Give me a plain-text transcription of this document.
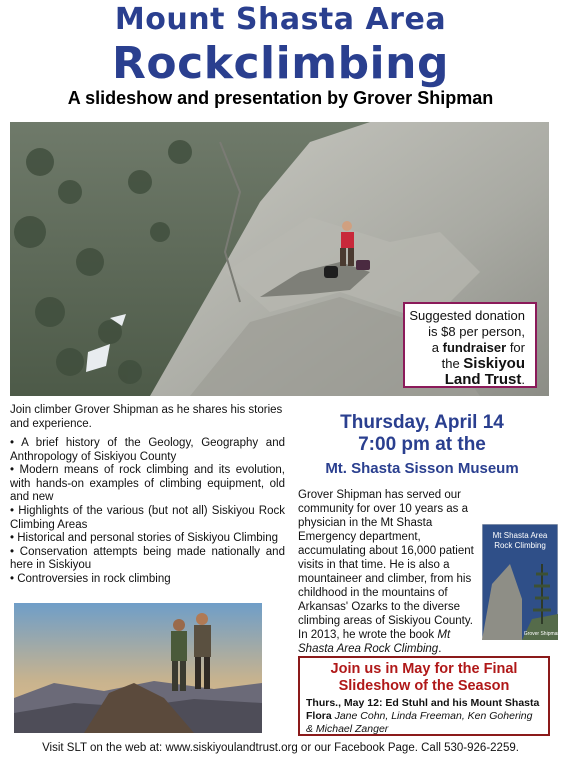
Mount Shasta Area
Rockclimbing
A slideshow and presentation by Grover Shipman
Suggested donation
is $8 per person,
a fundraiser for
the Siskiyou
Land Trust.
Join climber Grover Shipman as he shares his stories and experience.
• A brief history of the Geology, Geography and Anthropology of Siskiyou County
• Modern means of rock climbing and its evolution, with hands-on examples of climbing equipment, old and new
• Highlights of the various (but not all) Siskiyou Rock Climbing Areas
• Historical and personal stories of Siskiyou Climbing
• Conservation attempts being made nationally and here in Siskiyou
• Controversies in rock climbing
Thursday, April 14
7:00 pm at the
Mt. Shasta Sisson Museum
Grover Shipman has served our community for over 10 years as a physician in the Mt Shasta Emergency department, accumulating about 16,000 patient visits in that time. He is also a mountaineer and climber, from his childhood in the mountains of Arkansas' Ozarks to the diverse climbing areas of Siskiyou County. In 2013, he wrote the book Mt Shasta Area Rock Climbing.
Mt Shasta Area
Rock Climbing
Grover Shipman
Join us in May for the Final
Slideshow of the Season
Thurs., May 12: Ed Stuhl and his Mount Shasta Flora Jane Cohn, Linda Freeman, Ken Gohering & Michael Zanger
Visit SLT on the web at: www.siskiyoulandtrust.org or our Facebook Page. Call 530-926-2259.
